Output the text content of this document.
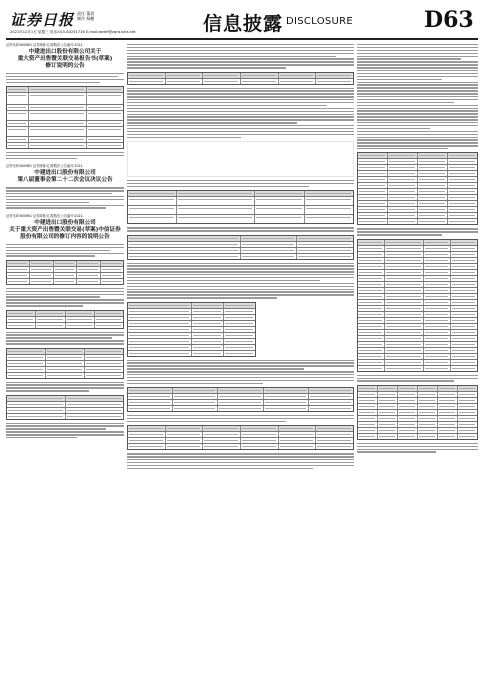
证券日报 责任 董晨
制作 杨鹏
2021年12月1日 星期三 电话:010-83251716 E-mail:zqrb9@zqrb.sina.net	信息披露 DISCLOSURE	D63
证券代码:600981 证券简称:汇鸿集团 公告编号:2021-
中建进出口股份有限公司关于
重大资产出售暨关联交易报告书(草案)
修订说明的公告
证券代码:600981 证券简称:汇鸿集团 公告编号:2021-
中建进出口股份有限公司
第八届董事会第二十二次会议决议公告
证券代码:600981 证券简称:汇鸿集团 公告编号:2021-
中建进出口股份有限公司
关于重大资产出售暨关联交易(草案)中信证券
股份有限公司的修订内容的说明公告
